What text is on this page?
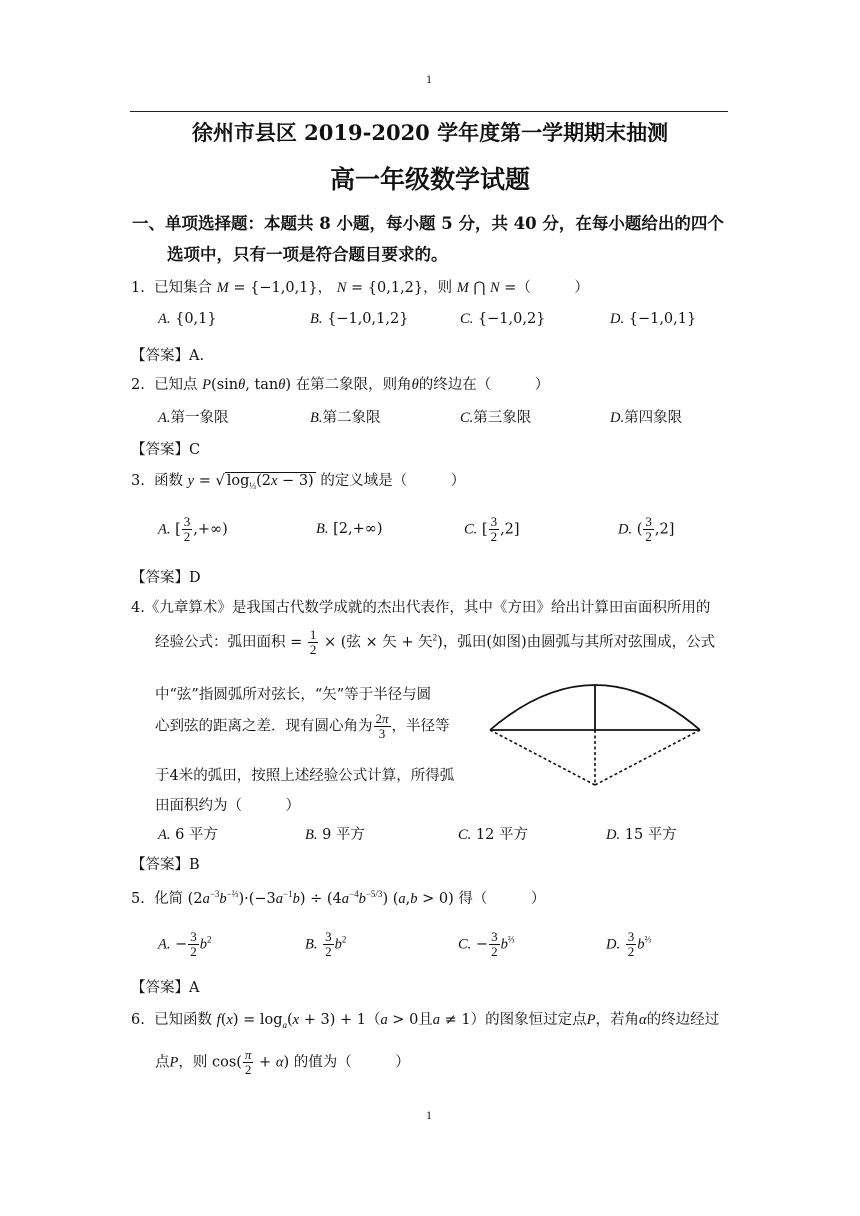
1
1
徐州市县区 2019-2020 学年度第一学期期末抽测
高一年级数学试题
一、单项选择题：本题共 8 小题，每小题 5 分，共 40 分，在每小题给出的四个
选项中，只有一项是符合题目要求的。
1. 已知集合 M = {−1,0,1}， N = {0,1,2}，则 M ⋂ N =（　　　）
A. {0,1}	B. {−1,0,1,2}	C. {−1,0,2}	D. {−1,0,1}
【答案】A.
2. 已知点 P(sinθ, tanθ) 在第二象限，则角θ的终边在（　　　）
A.第一象限	B.第二象限	C.第三象限	D.第四象限
【答案】C
3.  函数 y = √ $\log_{\frac{1}{3}}(2x - 3)$ 的定义域是（　　　）
A. [ $\frac{3}{2}$ ,+∞)	B. [2,+∞)	C. [ $\frac{3}{2} ,2$]	D. ( $\frac{3}{2} ,2$]
【答案】D
4.《九章算术》是我国古代数学成就的杰出代表作，其中《方田》给出计算田亩面积所用的
经验公式：弧田面积 = $\frac{1}{2}$ × (弦 × 矢 + 矢$^2$)，弧田(如图)由圆弧与其所对弦围成，公式
中“弦”指圆弧所对弦长，“矢”等于半径与圆
心到弦的距离之差．现有圆心角为 $\frac{2\pi}{3}$ ，半径等
于4米的弧田，按照上述经验公式计算，所得弧
田面积约为（　　　）
A. 6 平方	B. 9 平方	C. 12 平方	D. 15 平方
【答案】B
5.  化简 $(2a^{-3}b^{-\frac{2}{3}})\cdot(-3a^{-1}b) \div (4a^{-4}b^{-5/3}) (a,b > 0)$ 得（　　　）
A. − $\frac{3}{2} b^2$	B. $\frac{3}{2} b^2$	C. − $\frac{3}{2} b^{\frac{2}{3}}$	D. $\frac{3}{2} b^{\frac{2}{3}}$
【答案】A
6.  已知函数 $f(x) = \log_a(x + 3) + 1(a > 0$且a ≠ 1）的图象恒过定点P，若角α的终边经过
点P，则 $\cos( \frac{\pi}{2} + \alpha)$ 的值为（　　　）
